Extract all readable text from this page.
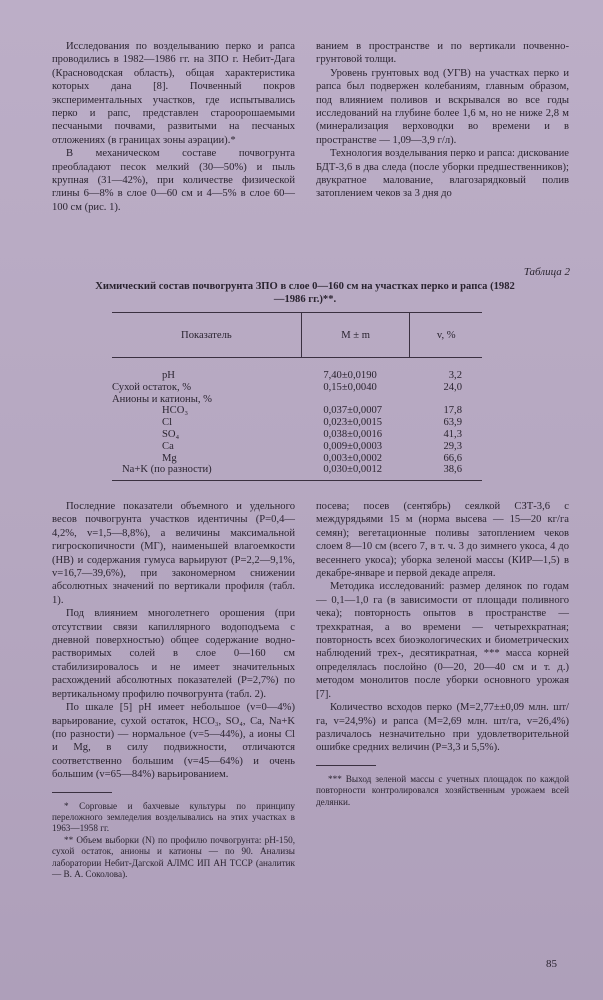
Исследования по возделыванию перко и рапса проводились в 1982—1986 гг. на ЗПО г. Небит-Дага (Красноводская область), общая характеристика которых дана [8]. Почвенный покров экспериментальных участков, где испытывались перко и рапс, представлен староорошаемыми песчаными почвами, развитыми на песчаных отложениях (в границах зоны аэрации).*

В механическом составе почвогрунта преобладают песок мелкий (30—50%) и пыль крупная (31—42%), при количестве физической глины 6—8% в слое 0—60 см и 4—5% в слое 60—100 см (рис. 1).

ванием в пространстве и по вертикали почвенно-грунтовой толщи.

Уровень грунтовых вод (УГВ) на участках перко и рапса был подвержен колебаниям, главным образом, под влиянием поливов и вскрывался во все годы исследований на глубине более 1,6 м, но не ниже 2,8 м (минерализация верховодки во времени и в пространстве — 1,09—3,9 г/л).

Технология возделывания перко и рапса: дискование БДТ-3,6 в два следа (после уборки предшественников); двукратное малование, влагозарядковый полив затоплением чеков за 3 дня до

Таблица 2
Химический состав почвогрунта ЗПО в слое 0—160 см на участках перко и рапса (1982—1986 гг.)**.
Показатель	M ± m	v, %
pH	7,40±0,0190	3,2
Сухой остаток, %	0,15±0,0040	24,0
Анионы и катионы, %		
HCO₃	0,037±0,0007	17,8
Cl	0,023±0,0015	63,9
SO₄	0,038±0,0016	41,3
Ca	0,009±0,0003	29,3
Mg	0,003±0,0002	66,6
Na+K (по разности)	0,030±0,0012	38,6

Последние показатели объемного и удельного весов почвогрунта участков идентичны (P=0,4—4,2%, v=1,5—8,8%), а величины максимальной гигроскопичности (МГ), наименьшей влагоемкости (НВ) и содержания гумуса варьируют (P=2,2—9,1%, v=16,7—39,6%), при закономерном снижении абсолютных значений по вертикали профиля (табл. 1).

Под влиянием многолетнего орошения (при отсутствии связи капиллярного водоподъема с дневной поверхностью) общее содержание водно-растворимых солей в слое 0—160 см стабилизировалось и не имеет значительных расхождений абсолютных показателей (P=2,7%) по вертикальному профилю почвогрунта (табл. 2).

По шкале [5] pH имеет небольшое (v=0—4%) варьирование, сухой остаток, HCO₃, SO₄, Ca, Na+K (по разности) — нормальное (v=5—44%), а ионы Cl и Mg, в силу подвижности, отличаются соответственно большим (v=45—64%) и очень большим (v=65—84%) варьированием.

* Сорговые и бахчевые культуры по принципу переложного земледелия возделывались на этих участках в 1963—1958 гг.

** Объем выборки (N) по профилю почвогрунта: pH-150, сухой остаток, анионы и катионы — по 90. Анализы лаборатории Небит-Дагской АЛМС ИП АН ТССР (аналитик — В. А. Соколова).

посева; посев (сентябрь) сеялкой СЗТ-3,6 с междурядьями 15 м (норма высева — 15—20 кг/га семян); вегетационные поливы затоплением чеков слоем 8—10 см (всего 7, в т. ч. 3 до зимнего укоса, 4 до весеннего укоса); уборка зеленой массы (КИР—1,5) в декабре-январе и первой декаде апреля.

Методика исследований: размер делянок по годам — 0,1—1,0 га (в зависимости от площади поливного чека); повторность опытов в пространстве — трехкратная, а во времени — четырехкратная; повторность всех биоэкологических и биометрических наблюдений трех-, десятикратная, *** масса корней определялась послойно (0—20, 20—40 см и т. д.) методом монолитов после уборки основного урожая [7].

Количество всходов перко (M=2,77±±0,09 млн. шт/га, v=24,9%) и рапса (M=2,69 млн. шт/га, v=26,4%) различалось незначительно при удовлетворительной ошибке средних величин (P=3,3 и 5,5%).

*** Выход зеленой массы с учетных площадок по каждой повторности контролировался хозяйственным урожаем всей делянки.

85
